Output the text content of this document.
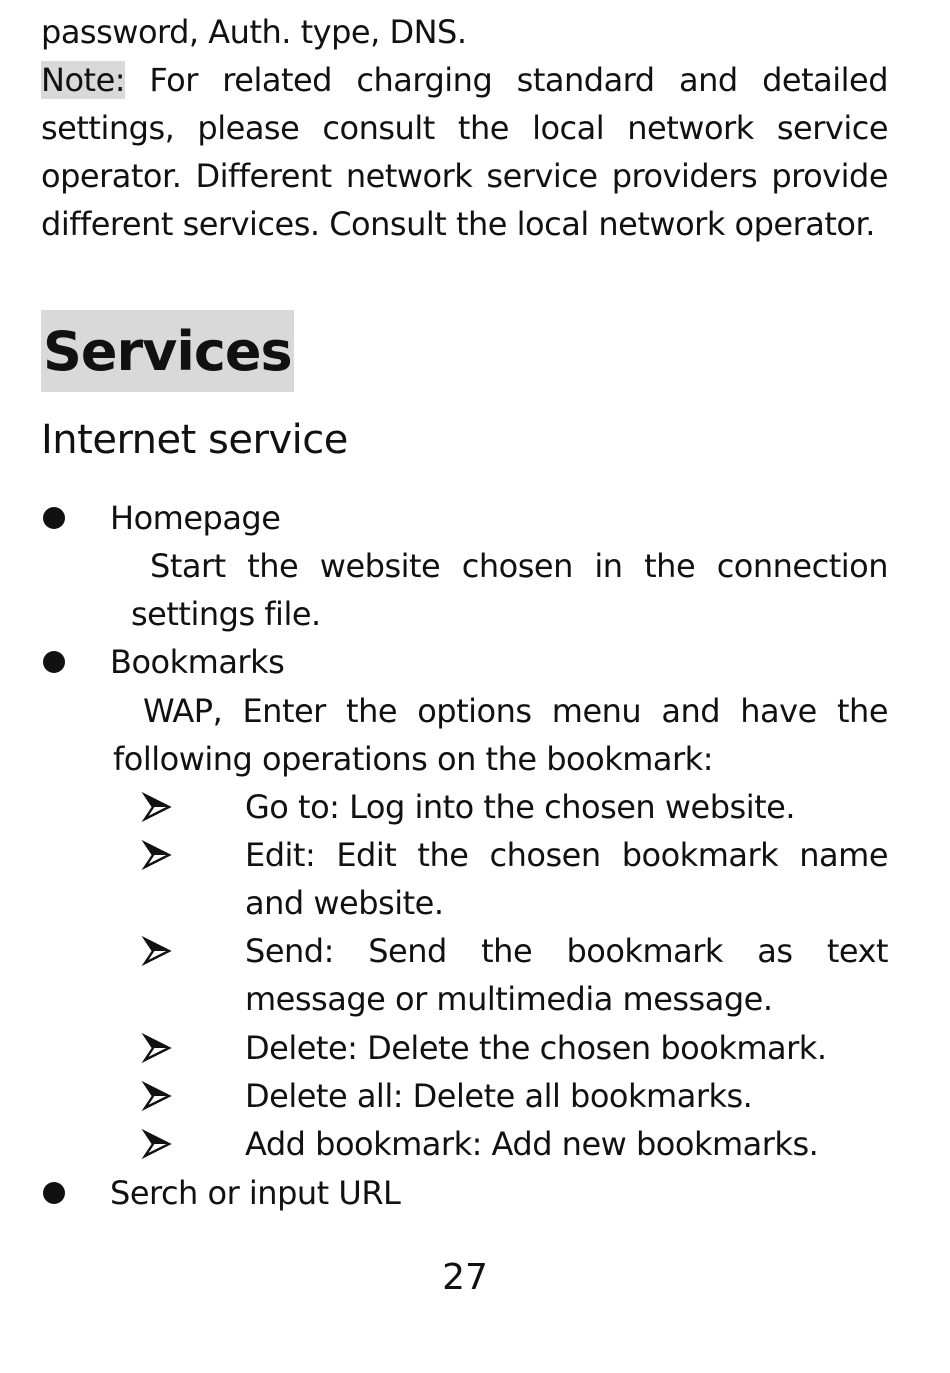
password, Auth. type, DNS.
Note: For related charging standard and detailed settings, please consult the local network service operator. Different network service providers provide different services. Consult the local network operator.
Services
Internet service
Homepage
Start the website chosen in the connection settings file.
Bookmarks
WAP, Enter the options menu and have the following operations on the bookmark:
Go to: Log into the chosen website.
Edit: Edit the chosen bookmark name and website.
Send: Send the bookmark as text message or multimedia message.
Delete: Delete the chosen bookmark.
Delete all: Delete all bookmarks.
Add bookmark: Add new bookmarks.
Serch or input URL
27
